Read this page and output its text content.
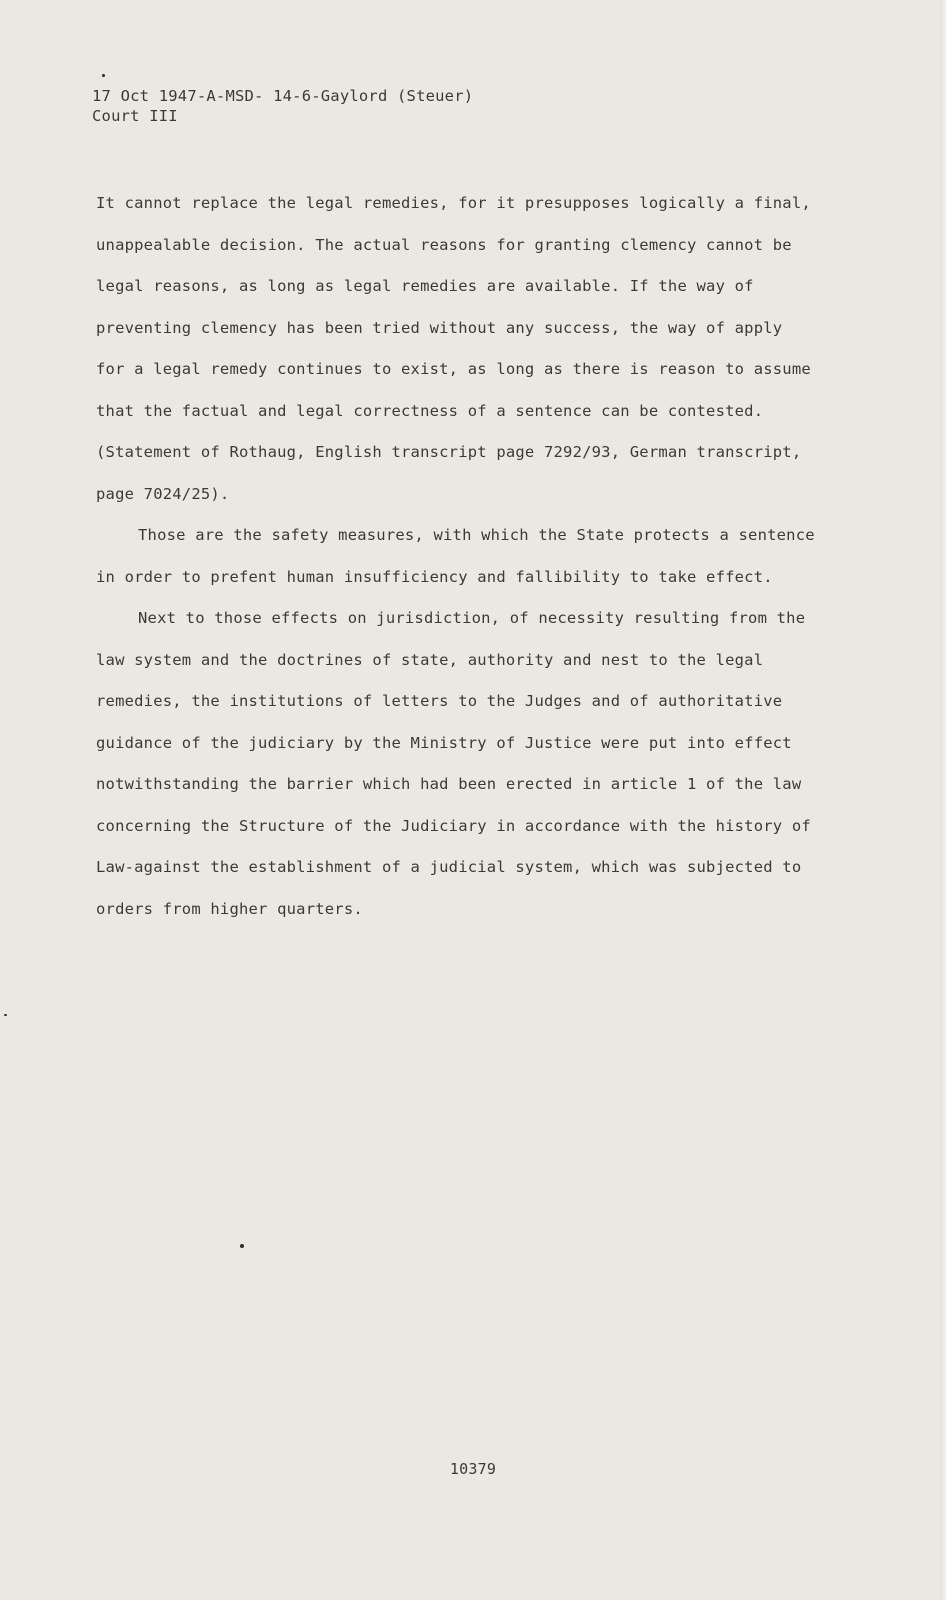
17 Oct 1947-A-MSD- 14-6-Gaylord (Steuer)
Court III

It cannot replace the legal remedies, for it presupposes logically a final, unappealable decision. The actual reasons for granting clemency cannot be legal reasons, as long as legal remedies are available. If the way of preventing clemency has been tried without any success, the way of apply for a legal remedy continues to exist, as long as there is reason to assume that the factual and legal correctness of a sentence can be contested. (Statement of Rothaug, English transcript page 7292/93, German transcript, page 7024/25).

Those are the safety measures, with which the State protects a sentence in order to prefent human insufficiency and fallibility to take effect.

Next to those effects on jurisdiction, of necessity resulting from the law system and the doctrines of state, authority and nest to the legal remedies, the institutions of letters to the Judges and of authoritative guidance of the judiciary by the Ministry of Justice were put into effect notwithstanding the barrier which had been erected in article 1 of the law concerning the Structure of the Judiciary in accordance with the history of Law-against the establishment of a judicial system, which was subjected to orders from higher quarters.

10379
